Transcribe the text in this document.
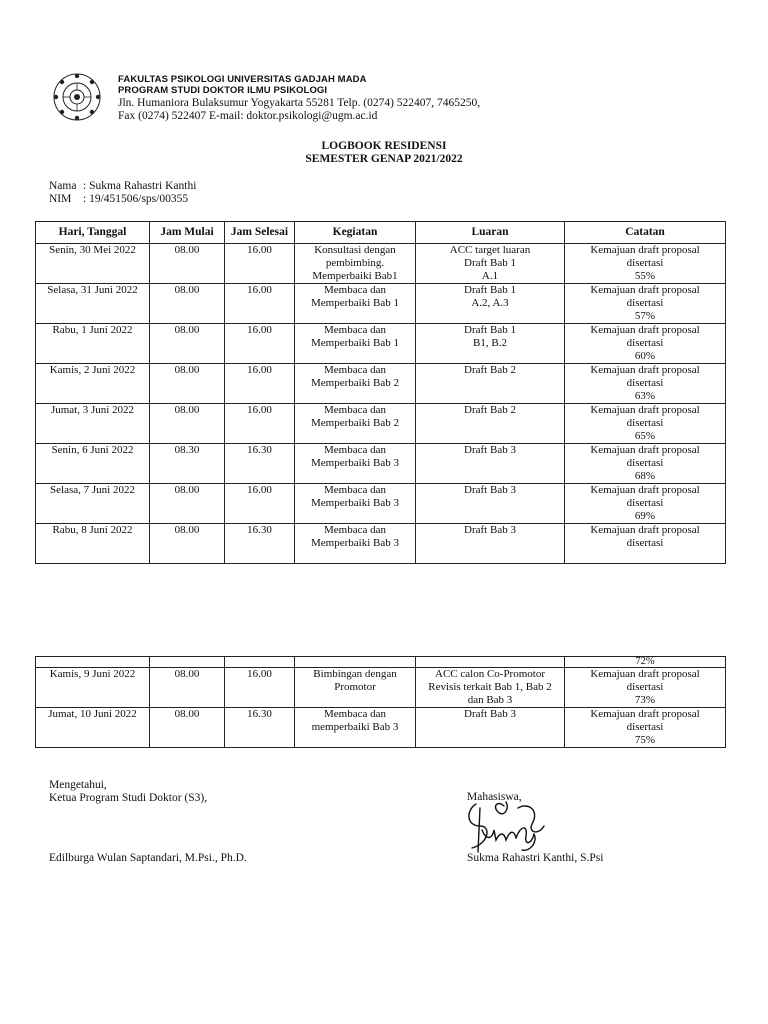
FAKULTAS PSIKOLOGI UNIVERSITAS GADJAH MADA
PROGRAM STUDI DOKTOR ILMU PSIKOLOGI
Jln. Humaniora Bulaksumur Yogyakarta 55281 Telp. (0274) 522407, 7465250,
Fax (0274) 522407 E-mail: doktor.psikologi@ugm.ac.id
LOGBOOK RESIDENSI
SEMESTER GENAP 2021/2022
Nama : Sukma Rahastri Kanthi
NIM : 19/451506/sps/00355
Hari, Tanggal	Jam Mulai	Jam Selesai	Kegiatan	Luaran	Catatan
Senin, 30 Mei 2022	08.00	16.00	Konsultasi dengan
pembimbing.
Memperbaiki Bab1	ACC target luaran
Draft Bab 1
A.1	Kemajuan draft proposal
disertasi
55%
Selasa, 31 Juni 2022	08.00	16.00	Membaca dan
Memperbaiki Bab 1	Draft Bab 1
A.2, A.3	Kemajuan draft proposal
disertasi
57%
Rabu, 1 Juni 2022	08.00	16.00	Membaca dan
Memperbaiki Bab 1	Draft Bab 1
B1, B.2	Kemajuan draft proposal
disertasi
60%
Kamis, 2 Juni 2022	08.00	16.00	Membaca dan
Memperbaiki Bab 2	Draft Bab 2	Kemajuan draft proposal
disertasi
63%
Jumat, 3 Juni 2022	08.00	16.00	Membaca dan
Memperbaiki Bab 2	Draft Bab 2	Kemajuan draft proposal
disertasi
65%
Senin, 6 Juni 2022	08.30	16.30	Membaca dan
Memperbaiki Bab 3	Draft Bab 3	Kemajuan draft proposal
disertasi
68%
Selasa, 7 Juni 2022	08.00	16.00	Membaca dan
Memperbaiki Bab 3	Draft Bab 3	Kemajuan draft proposal
disertasi
69%
Rabu, 8 Juni 2022	08.00	16.30	Membaca dan
Memperbaiki Bab 3	Draft Bab 3	Kemajuan draft proposal
disertasi
					72%
Kamis, 9 Juni 2022	08.00	16.00	Bimbingan dengan
Promotor	ACC calon Co-Promotor
Revisis terkait Bab 1, Bab 2
dan Bab 3	Kemajuan draft proposal
disertasi
73%
Jumat, 10 Juni 2022	08.00	16.30	Membaca dan
memperbaiki Bab 3	Draft Bab 3	Kemajuan draft proposal
disertasi
75%
Mengetahui,
Ketua Program Studi Doktor (S3),
Edilburga Wulan Saptandari, M.Psi., Ph.D.
Mahasiswa,
Sukma Rahastri Kanthi, S.Psi
